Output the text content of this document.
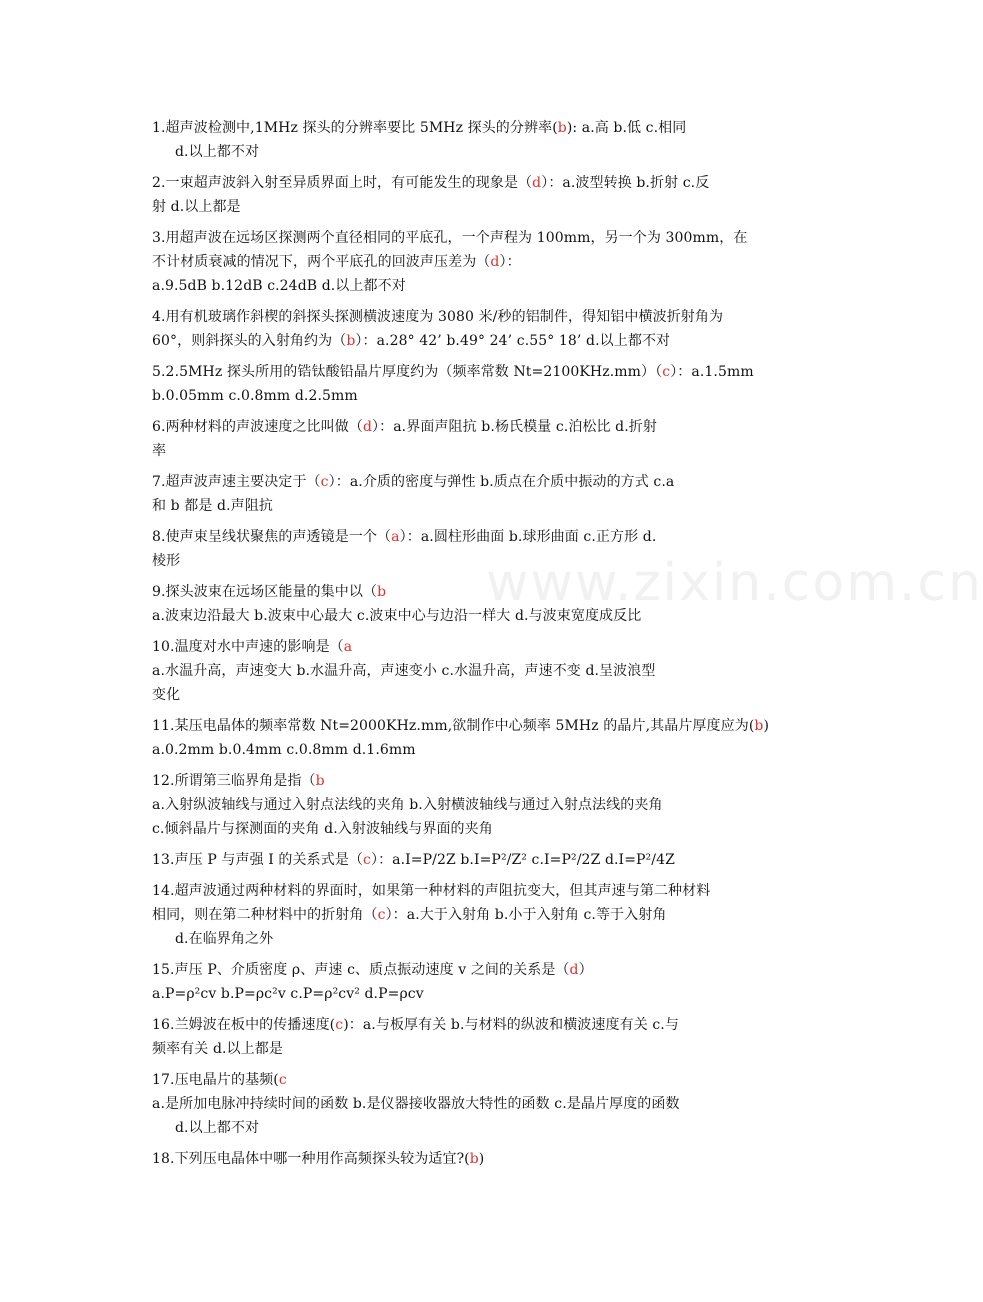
www.zixin.com.cn
1.超声波检测中,1MHz 探头的分辨率要比 5MHz 探头的分辨率(b): a.高 b.低 c.相同
d.以上都不对
2.一束超声波斜入射至异质界面上时，有可能发生的现象是（d）：a.波型转换 b.折射 c.反
射 d.以上都是
3.用超声波在远场区探测两个直径相同的平底孔，一个声程为 100mm，另一个为 300mm，在
不计材质衰减的情况下，两个平底孔的回波声压差为（d）：
a.9.5dB b.12dB c.24dB d.以上都不对
4.用有机玻璃作斜楔的斜探头探测横波速度为 3080 米/秒的铝制件，得知铝中横波折射角为
60°，则斜探头的入射角约为（b）：a.28° 42’ b.49° 24’ c.55° 18’ d.以上都不对
5.2.5MHz 探头所用的锆钛酸铅晶片厚度约为（频率常数 Nt=2100KHz.mm）（c）：a.1.5mm
b.0.05mm c.0.8mm d.2.5mm
6.两种材料的声波速度之比叫做（d）：a.界面声阻抗 b.杨氏模量 c.泊松比 d.折射
率
7.超声波声速主要决定于（c）：a.介质的密度与弹性 b.质点在介质中振动的方式 c.a
和 b 都是 d.声阻抗
8.使声束呈线状聚焦的声透镜是一个（a）：a.圆柱形曲面 b.球形曲面 c.正方形 d.
棱形
9.探头波束在远场区能量的集中以（b
a.波束边沿最大 b.波束中心最大 c.波束中心与边沿一样大 d.与波束宽度成反比
10.温度对水中声速的影响是（a
a.水温升高，声速变大 b.水温升高，声速变小 c.水温升高，声速不变 d.呈波浪型
变化
11.某压电晶体的频率常数 Nt=2000KHz.mm,欲制作中心频率 5MHz 的晶片,其晶片厚度应为(b)
a.0.2mm b.0.4mm c.0.8mm d.1.6mm
12.所谓第三临界角是指（b
a.入射纵波轴线与通过入射点法线的夹角 b.入射横波轴线与通过入射点法线的夹角
c.倾斜晶片与探测面的夹角 d.入射波轴线与界面的夹角
13.声压 P 与声强 I 的关系式是（c）：a.I=P/2Z b.I=P²/Z² c.I=P²/2Z d.I=P²/4Z
14.超声波通过两种材料的界面时，如果第一种材料的声阻抗变大，但其声速与第二种材料
相同，则在第二种材料中的折射角（c）：a.大于入射角 b.小于入射角 c.等于入射角
d.在临界角之外
15.声压 P、介质密度 ρ、声速 c、质点振动速度 v 之间的关系是（d）
a.P=ρ²cv b.P=ρc²v c.P=ρ²cv² d.P=ρcv
16.兰姆波在板中的传播速度(c)：a.与板厚有关 b.与材料的纵波和横波速度有关 c.与
频率有关 d.以上都是
17.压电晶片的基频(c
a.是所加电脉冲持续时间的函数 b.是仪器接收器放大特性的函数 c.是晶片厚度的函数
d.以上都不对
18.下列压电晶体中哪一种用作高频探头较为适宜?(b)
